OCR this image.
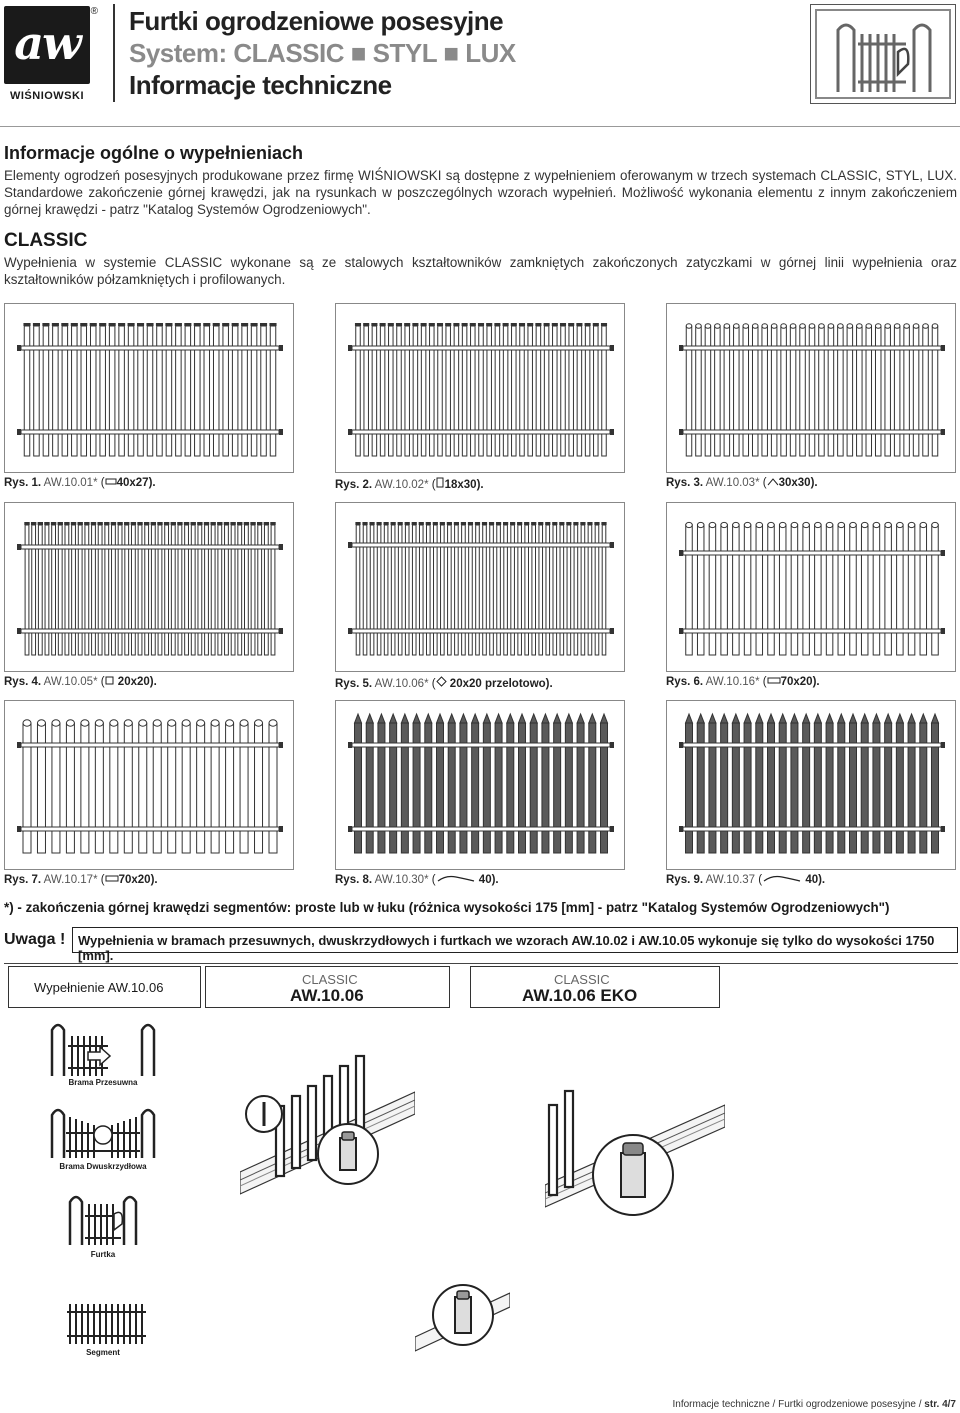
aw
®
WIŚNIOWSKI
Furtki ogrodzeniowe posesyjne
System: CLASSIC ■ STYL ■ LUX
Informacje techniczne
Informacje ogólne o wypełnieniach
Elementy ogrodzeń posesyjnych produkowane przez firmę WIŚNIOWSKI są dostępne z wypełnieniem oferowanym w trzech systemach CLASSIC, STYL, LUX. Standardowe zakończenie górnej krawędzi, jak na rysunkach w poszczególnych wzorach wypełnień. Możliwość wykonania elementu z innym zakończeniem górnej krawędzi - patrz "Katalog Systemów Ogrodzeniowych".
CLASSIC
Wypełnienia w systemie CLASSIC wykonane są ze stalowych kształtowników zamkniętych zakończonych zatyczkami w górnej linii wypełnienia oraz kształtowników półzamkniętych i profilowanych.
Rys. 1. AW.10.01* ( 40x27).	Rys. 2. AW.10.02* ( 18x30).	Rys. 3. AW.10.03* ( 30x30).
Rys. 4. AW.10.05* ( 20x20).	Rys. 5. AW.10.06* ( 20x20 przelotowo).	Rys. 6. AW.10.16* ( 70x20).
Rys. 7. AW.10.17* ( 70x20).	Rys. 8. AW.10.30* (	40).	Rys. 9. AW.10.37 (	40).
*) - zakończenia górnej krawędzi segmentów: proste lub w łuku (różnica wysokości 175 [mm] - patrz "Katalog Systemów Ogrodzeniowych")
Uwaga ! Wypełnienia w bramach przesuwnych, dwuskrzydłowych i furtkach we wzorach AW.10.02 i AW.10.05 wykonuje się tylko do wysokości 1750 [mm].
Wypełnienie AW.10.06
CLASSIC
AW.10.06
CLASSIC
AW.10.06 EKO
Brama Przesuwna
Brama Dwuskrzydłowa
Furtka
Segment
Informacje techniczne / Furtki ogrodzeniowe posesyjne / str. 4/7
